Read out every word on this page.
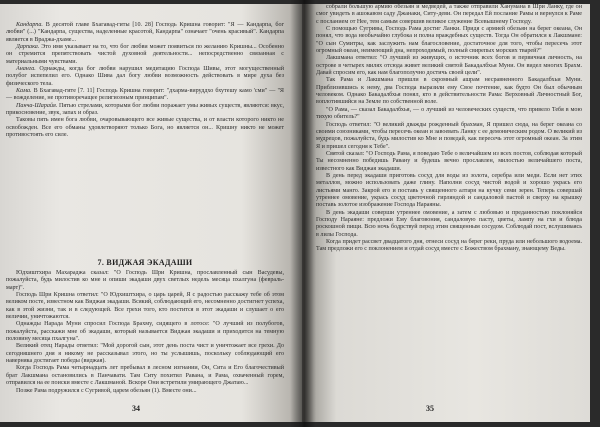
Кандарпа. В десятой главе Бхагавад-гиты [10. 28] Господь Кришна говорит: "Я — Кандарпа, бог любви" (...) "Кандарпа, существа, наделенные красотой, Кандарпа" означает "очень красивый". Кандарпа является в Враджа-дхаме...

Дарпака. Это имя указывает на то, что бог любви может появиться по желанию Кришны... Особенно он стремится препятствовать чистой духовной деятельности... непосредственно связанная с материальными чувствами.

Ананга. Однажды, когда бог любви нарушил медитацию Господа Шивы, этот могущественный полубог испепелил его. Однако Шива дал богу любви возможность действовать в мире духа без физического тела.

Кама. В Бхагавад-гите [7. 11] Господь Кришна говорит: "дхарма-вируддхо бхутешу камо 'сми" — "Я — вожделение, не противоречащее религиозным принципам".

Панча-Шарайя. Пятью стрелами, которыми бог любви поражает умы живых существ, являются: вкус, прикосновение, звук, запах и образ.

Таковы пять имен бога любви, очаровывающего все живые существа, и от власти которого никто не освобожден. Все его обманы удовлетворяют только Бога, но является он... Кришну никто не может противостоять его силе.

7. ВИДЖАЯ ЭКАДАШИ

Юдхиштхира Махараджа сказал: "О Господь Шри Кришна, прославленный сын Васудевы, пожалуйста, будь милостив ко мне и опиши экадаши двух светлых недель месяца пхалгуна (февраль-март)".

Господь Шри Кришна ответил: "О Юдхиштхира, о царь царей, Я с радостью расскажу тебе об этом великом посте, известном как Виджая экадаши. Всякий, соблюдающий его, несомненно достигнет успеха, как в этой жизни, так и в следующей. Все грехи того, кто постится в этот экадаши и слушает о его величии, уничтожаются.

Однажды Нарада Муни спросил Господа Брахму, сидящего в лотосе: "О лучший из полубогов, пожалуйста, расскажи мне об экадаши, который называется Виджая экадаши и приходится на темную половину месяца пхалгуна".

Великий отец Нарады ответил: "Мой дорогой сын, этот день поста чист и уничтожает все грехи. До сегодняшнего дня я никому не рассказывал этого, но ты услышишь, поскольку соблюдающий его наверняка достигает победы (виджая).

Когда Господь Рама четырнадцать лет пребывал в лесном изгнании, Он, Сита и Его благочестивый брат Лакшмана остановились в Панчавати. Там Ситу похитил Равана, и Рама, охваченный горем, отправился на ее поиски вместе с Лакшманой. Вскоре Они встретили умирающего Джатаю...

Позже Рама подружился с Сугривой, царем обезьян (1). Вместе они...

34

собрали большую армию обезьян и медведей, а также отправили Ханумана в Шри Ланку, где он смог увидеть в ашокавом саду Джанаки, Ситу-деви. Он передал Ей послание Рамы и вернулся к Раме с посланием от Нее, тем самым совершив великое служение Всевышнему Господу.

С помощью Сугривы, Господь Рама достиг Ланки. Придя с армией обезьян на берег океана, Он понял, что вода необычайно глубока и полна враждебных существ. Тогда Он обратился к Лакшмане: "О сын Сумитры, как заслужить нам благословение, достаточное для того, чтобы пересечь этот огромный океан, неимеющий дна, непроходимый, полный свирепых морских тварей?"

Лакшмана ответил: "О лучший из живущих, о источник всех богов и первичная личность, на острове в четырех милях отсюда живет великий святой Бакадалбхья Муни. Он видел многих Брахм. Давай спросим его, как нам благополучно достичь своей цели".

Так Рама и Лакшмана пришли в скромный ашрам несравненного Бакадалбхьи Муни. Приблизившись к нему, два Господа выразили ему Свое почтение, как будто Он был обычным человеком. Однако Бакадалбхья понял, кто в действительности Рама: Верховный Личностный Бог, воплотившийся на Земле по собственной воле.

"О Рама, — сказал Бакадалбхья, — о лучший из человеческих существ, что привело Тебя в мою тихую обитель?"

Господь ответил: "О великий дважды рожденный брахман, Я пришел сюда, на берег океана со своими союзниками, чтобы пересечь океан и завоевать Ланку с ее демоническим родом. О великий из мудрецов, пожалуйста, будь милостив ко Мне и поведай, как пересечь этот огромный океан. За этим Я и пришел сегодня к Тебе".

Святой сказал: "О Господь Рама, я поведаю Тебе о величайшем из всех постов, соблюдая который Ты несомненно победишь Равану и будешь вечно прославлен, милостью величайшего поста, известного как Виджая экадаши.

В день перед экадаши приготовь сосуд для воды из золота, серебра или меди. Если нет этих металлов, можно использовать даже глину. Наполни сосуд чистой водой и хорошо укрась его листьями манго. Закрой его и поставь у священного алтаря на кучку семи зерен. Теперь совершай утреннее омовение, укрась сосуд цветочной гирляндой и сандаловой пастой и сверху на крышку поставь золотое изображение Господа Нараяны.

В день экадаши соверши утреннее омовение, а затем с любовью и преданностью поклоняйся Господу Нараяне: предложи Ему благовония, сандаловую пасту, цветы, лампу на гхи и блюда роскошной пищи. Всю ночь бодрствуй перед этим священным сосудом. Соблюдай пост, вслушиваясь в лилы Господа.

Когда придет рассвет двадцатого дня, отнеси сосуд на берег реки, пруда или небольшого водоема. Там предложи его с поклонением и отдай сосуд вместе с Божеством брахману, знающему Веды.

35
